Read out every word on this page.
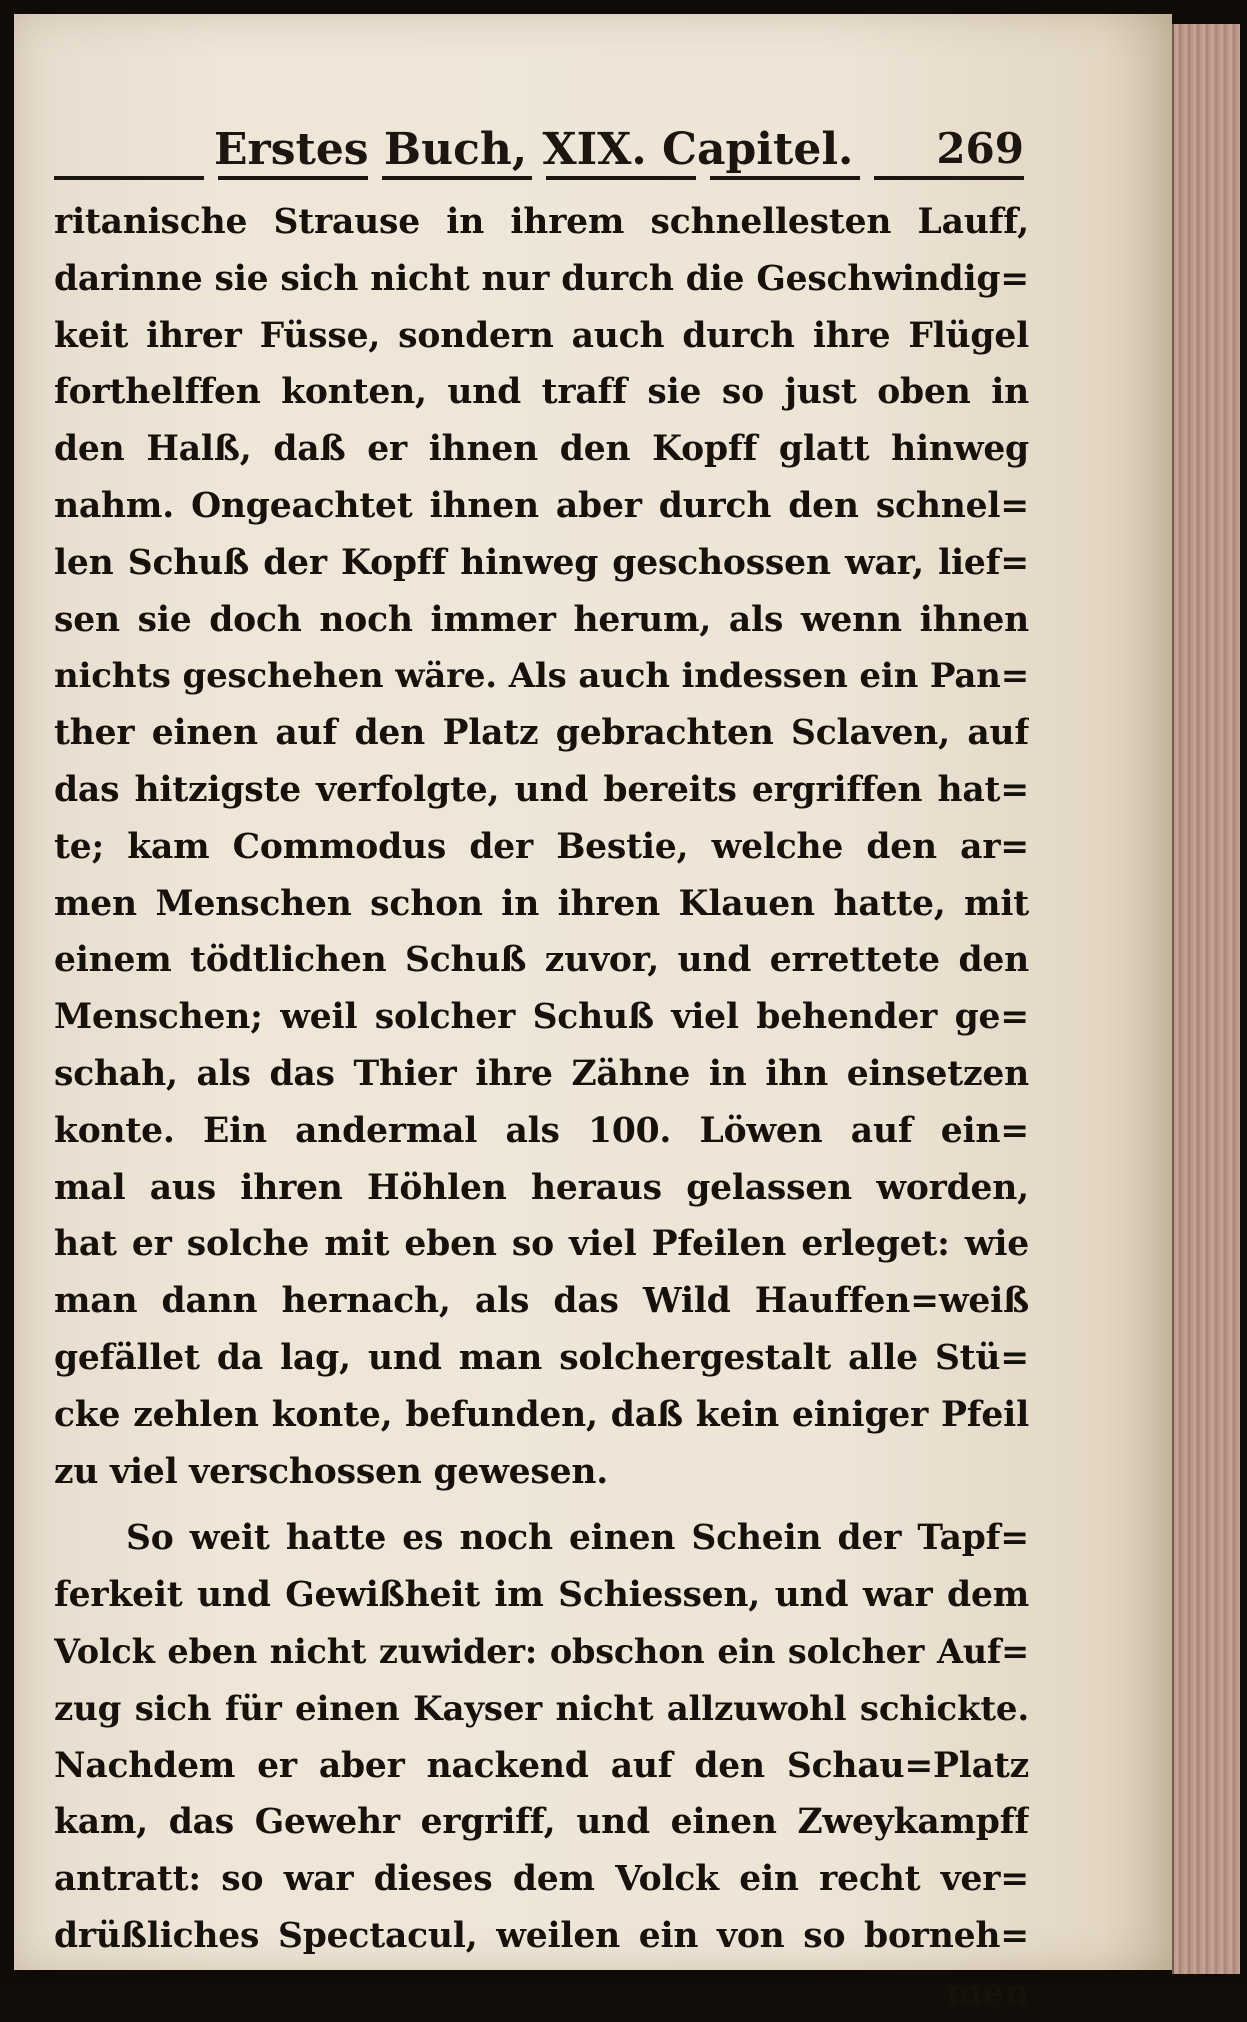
Erstes Buch, XIX. Capitel. 269
ritanische Strause in ihrem schnellesten Lauff,
darinne sie sich nicht nur durch die Geschwindig=
keit ihrer Füsse, sondern auch durch ihre Flügel
forthelffen konten, und traff sie so just oben in
den Halß, daß er ihnen den Kopff glatt hinweg
nahm. Ongeachtet ihnen aber durch den schnel=
len Schuß der Kopff hinweg geschossen war, lief=
sen sie doch noch immer herum, als wenn ihnen
nichts geschehen wäre. Als auch indessen ein Pan=
ther einen auf den Platz gebrachten Sclaven, auf
das hitzigste verfolgte, und bereits ergriffen hat=
te; kam Commodus der Bestie, welche den ar=
men Menschen schon in ihren Klauen hatte, mit
einem tödtlichen Schuß zuvor, und errettete den
Menschen; weil solcher Schuß viel behender ge=
schah, als das Thier ihre Zähne in ihn einsetzen
konte. Ein andermal als 100. Löwen auf ein=
mal aus ihren Höhlen heraus gelassen worden,
hat er solche mit eben so viel Pfeilen erleget: wie
man dann hernach, als das Wild Hauffen=weiß
gefället da lag, und man solchergestalt alle Stü=
cke zehlen konte, befunden, daß kein einiger Pfeil
zu viel verschossen gewesen.
So weit hatte es noch einen Schein der Tapf=
ferkeit und Gewißheit im Schiessen, und war dem
Volck eben nicht zuwider: obschon ein solcher Auf=
zug sich für einen Kayser nicht allzuwohl schickte.
Nachdem er aber nackend auf den Schau=Platz
kam, das Gewehr ergriff, und einen Zweykampff
antratt: so war dieses dem Volck ein recht ver=
drüßliches Spectacul, weilen ein von so borneh=
men
